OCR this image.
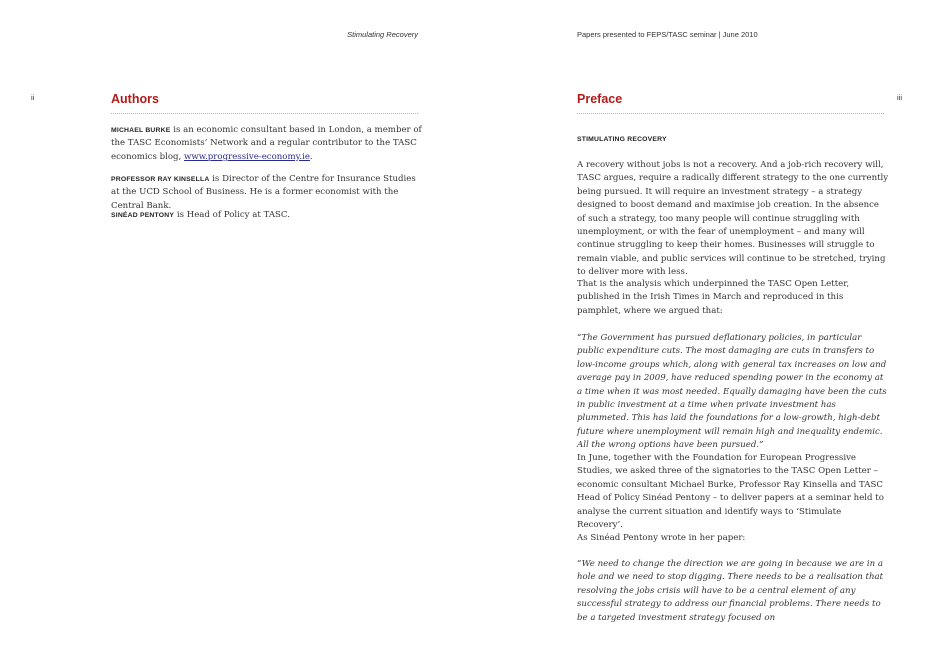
Stimulating Recovery
ii	Authors

MICHAEL BURKE is an economic consultant based in London, a member of the TASC Economists’ Network and a regular contributor to the TASC economics blog, www.progressive-economy.ie.

PROFESSOR RAY KINSELLA is Director of the Centre for Insurance Studies at the UCD School of Business. He is a former economist with the Central Bank.

SINÉAD PENTONY is Head of Policy at TASC.

Papers presented to FEPS/TASC seminar | June 2010
iii
Preface

STIMULATING RECOVERY

A recovery without jobs is not a recovery. And a job-rich recovery will, TASC argues, require a radically different strategy to the one currently being pursued. It will require an investment strategy – a strategy designed to boost demand and maximise job creation. In the absence of such a strategy, too many people will continue struggling with unemployment, or with the fear of unemployment – and many will continue struggling to keep their homes. Businesses will struggle to remain viable, and public services will continue to be stretched, trying to deliver more with less.

That is the analysis which underpinned the TASC Open Letter, published in the Irish Times in March and reproduced in this pamphlet, where we argued that:

“The Government has pursued deflationary policies, in particular public expenditure cuts. The most damaging are cuts in transfers to low-income groups which, along with general tax increases on low and average pay in 2009, have reduced spending power in the economy at a time when it was most needed. Equally damaging have been the cuts in public investment at a time when private investment has plummeted. This has laid the foundations for a low-growth, high-debt future where unemployment will remain high and inequality endemic. All the wrong options have been pursued.”

In June, together with the Foundation for European Progressive Studies, we asked three of the signatories to the TASC Open Letter – economic consultant Michael Burke, Professor Ray Kinsella and TASC Head of Policy Sinéad Pentony – to deliver papers at a seminar held to analyse the current situation and identify ways to ‘Stimulate Recovery’.

As Sinéad Pentony wrote in her paper:

“We need to change the direction we are going in because we are in a hole and we need to stop digging. There needs to be a realisation that resolving the jobs crisis will have to be a central element of any successful strategy to address our financial problems. There needs to be a targeted investment strategy focused on
